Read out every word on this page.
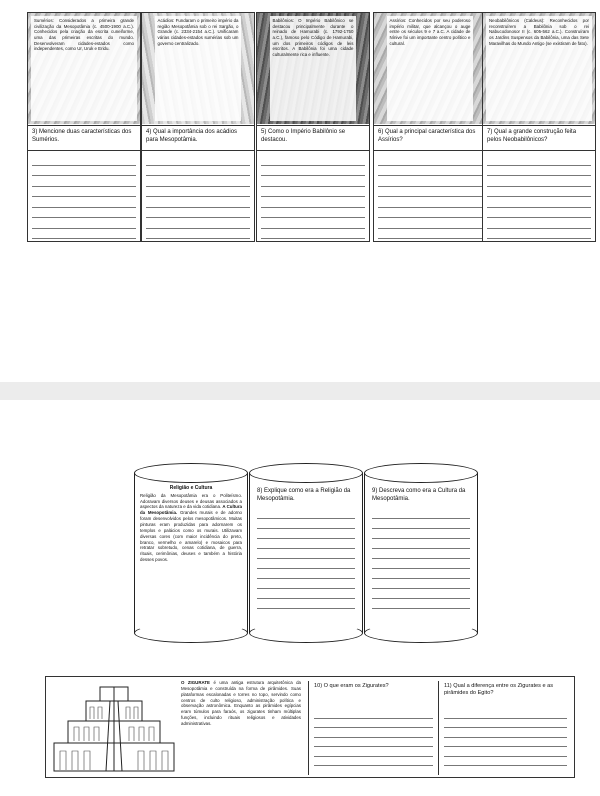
Sumérios: Considerados a primeira grande civilização da Mesopotâmia (c. 4500-1900 a.C.). Conhecidos pela criação da escrita cuneiforme, uma das primeiras escritas do mundo. Desenvolveram cidades-estados como independentes, como Ur, Uruk e Eridu.
3) Mencione duas características dos Sumérios.
Acádios: Fundaram o primeiro império da região Mesopotâmia sob o rei Sargão, o Grande (c. 2334-2154 a.C.). Unificaram várias cidades-estados sumérias sob um governo centralizado.
4) Qual a importância dos acádios para Mesopotâmia.
Babilônios: O Império Babilônico se destacou principalmente durante o reinado de Hamurabi (c. 1792-1750 a.C.), famoso pelo Código de Hamurabi, um dos primeiros códigos de leis escritos. A Babilônia foi uma cidade culturalmente rica e influente.
5) Como o Império Babilônio se destacou.
Assírios: Conhecidos por seu poderoso império militar, que alcançou o auge entre os séculos 9 e 7 a.C. A cidade de Nínive foi um importante centro político e cultural.
6) Qual a principal característica dos Assírios?
Neobabilônicos (Caldeus): Reconhecidos por reconstruírem a Babilônia sob o rei Nabucodonosor II (c. 605-562 a.C.). Construíram os Jardins Suspensos da Babilônia, uma das Sete Maravilhas do Mundo Antigo (se existiram de fato).
7) Qual a grande construção feita pelos Neobabilônicos?
Religião e Cultura
Religião da Mesopotâmia era o Politeísmo. Adoravam diversos deuses e deusas associados a aspectos da natureza e da vida cotidiana. A Cultura da Mesopotâmia. Grandes murais e de adorno foram desenvolvidos pelos mesopotâmicos. Muitas pinturas eram produzidas para adornarem os templos e palácios como os murais. Utilizavam diversas cores (com maior incidência do preto, branco, vermelho e amarelo) e mosaicos para retratar sobretudo, cenas cotidiana, de guerra, rituais, cerimônias, deuses e também a história desses povos.
8) Explique como era a Religião da Mesopotâmia.
9) Descreva como era a Cultura da Mesopotâmia.
O ZIGURATE é uma antiga estrutura arquitetônica da Mesopotâmia e construída na forma de pirâmides. Suas plataformas escalonadas e torres no topo, servindo como centros de culto religioso, administração política e observação astronômica. Enquanto as pirâmides egípcias eram túmulos para faraós, os zigurates tinham múltiplas funções, incluindo rituais religiosos e atividades administrativas.
10) O que eram os Zigurates?	11) Qual a diferença entre os Zigurates e as pirâmides do Egito?
